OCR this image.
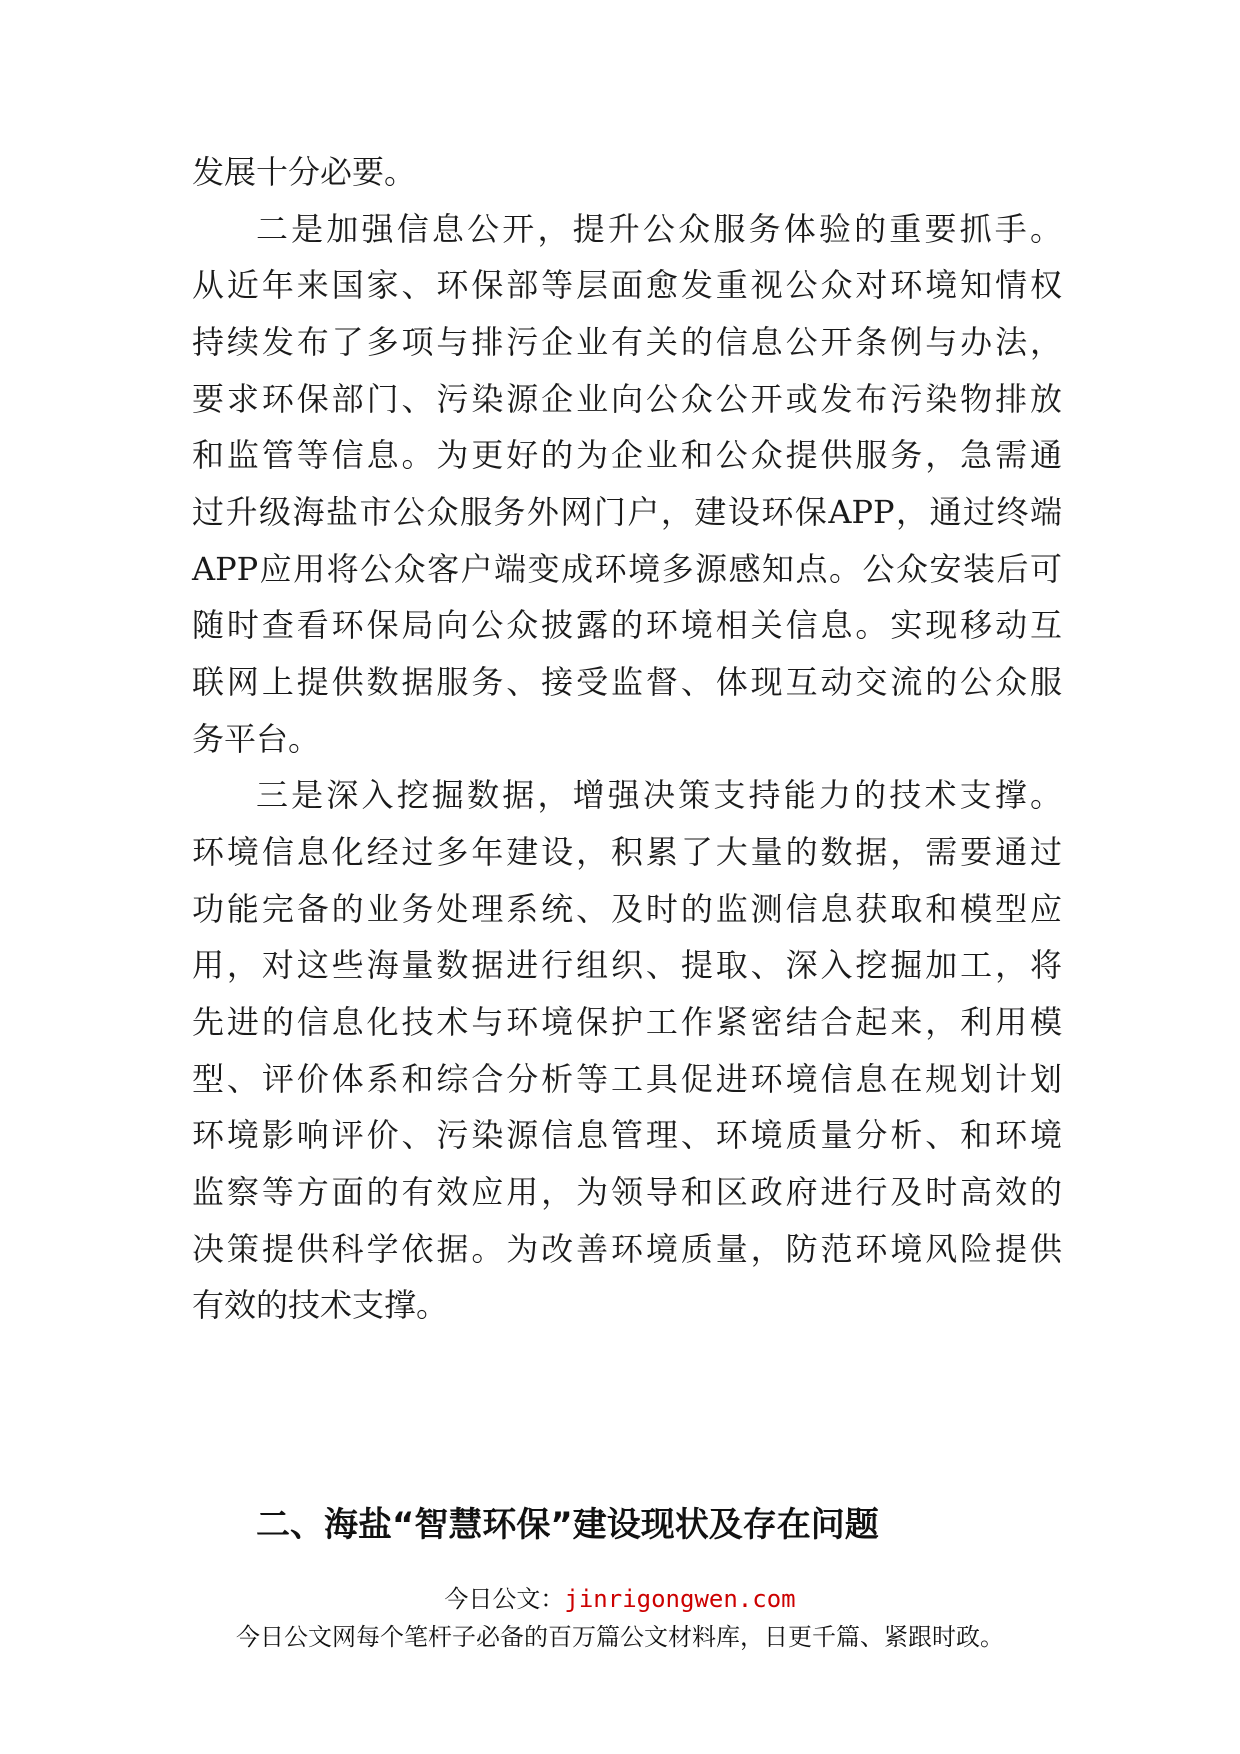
发展十分必要。
二是加强信息公开，提升公众服务体验的重要抓手。
从近年来国家、环保部等层面愈发重视公众对环境知情权
持续发布了多项与排污企业有关的信息公开条例与办法，
要求环保部门、污染源企业向公众公开或发布污染物排放
和监管等信息。为更好的为企业和公众提供服务，急需通
过升级海盐市公众服务外网门户，建设环保APP，通过终端
APP应用将公众客户端变成环境多源感知点。公众安装后可
随时查看环保局向公众披露的环境相关信息。实现移动互
联网上提供数据服务、接受监督、体现互动交流的公众服
务平台。
三是深入挖掘数据，增强决策支持能力的技术支撑。
环境信息化经过多年建设，积累了大量的数据，需要通过
功能完备的业务处理系统、及时的监测信息获取和模型应
用，对这些海量数据进行组织、提取、深入挖掘加工，将
先进的信息化技术与环境保护工作紧密结合起来，利用模
型、评价体系和综合分析等工具促进环境信息在规划计划
环境影响评价、污染源信息管理、环境质量分析、和环境
监察等方面的有效应用，为领导和区政府进行及时高效的
决策提供科学依据。为改善环境质量，防范环境风险提供
有效的技术支撑。
二、海盐“智慧环保”建设现状及存在问题
今日公文：jinrigongwen.com
今日公文网每个笔杆子必备的百万篇公文材料库，日更千篇、紧跟时政。
